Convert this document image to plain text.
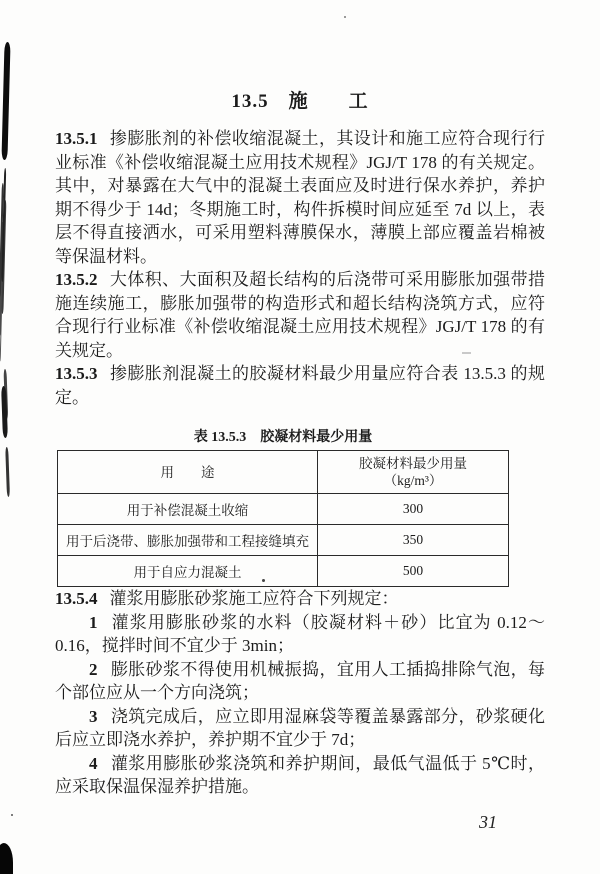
13.5　施　　工

13.5.1 掺膨胀剂的补偿收缩混凝土，其设计和施工应符合现行行业标准《补偿收缩混凝土应用技术规程》JGJ/T 178 的有关规定。其中，对暴露在大气中的混凝土表面应及时进行保水养护，养护期不得少于 14d；冬期施工时，构件拆模时间应延至 7d 以上，表层不得直接洒水，可采用塑料薄膜保水，薄膜上部应覆盖岩棉被等保温材料。

13.5.2 大体积、大面积及超长结构的后浇带可采用膨胀加强带措施连续施工，膨胀加强带的构造形式和超长结构浇筑方式，应符合现行行业标准《补偿收缩混凝土应用技术规程》JGJ/T 178 的有关规定。

13.5.3 掺膨胀剂混凝土的胶凝材料最少用量应符合表 13.5.3 的规定。

表 13.5.3　胶凝材料最少用量
用　　途	胶凝材料最少用量
（kg/m³）

用于补偿混凝土收缩	300
用于后浇带、膨胀加强带和工程接缝填充	350
用于自应力混凝土	500

13.5.4 灌浆用膨胀砂浆施工应符合下列规定：

1 灌浆用膨胀砂浆的水料（胶凝材料＋砂）比宜为 0.12～0.16，搅拌时间不宜少于 3min；

2 膨胀砂浆不得使用机械振捣，宜用人工插捣排除气泡，每个部位应从一个方向浇筑；

3 浇筑完成后，应立即用湿麻袋等覆盖暴露部分，砂浆硬化后应立即浇水养护，养护期不宜少于 7d；

4 灌浆用膨胀砂浆浇筑和养护期间，最低气温低于 5℃时，应采取保温保湿养护措施。

31
